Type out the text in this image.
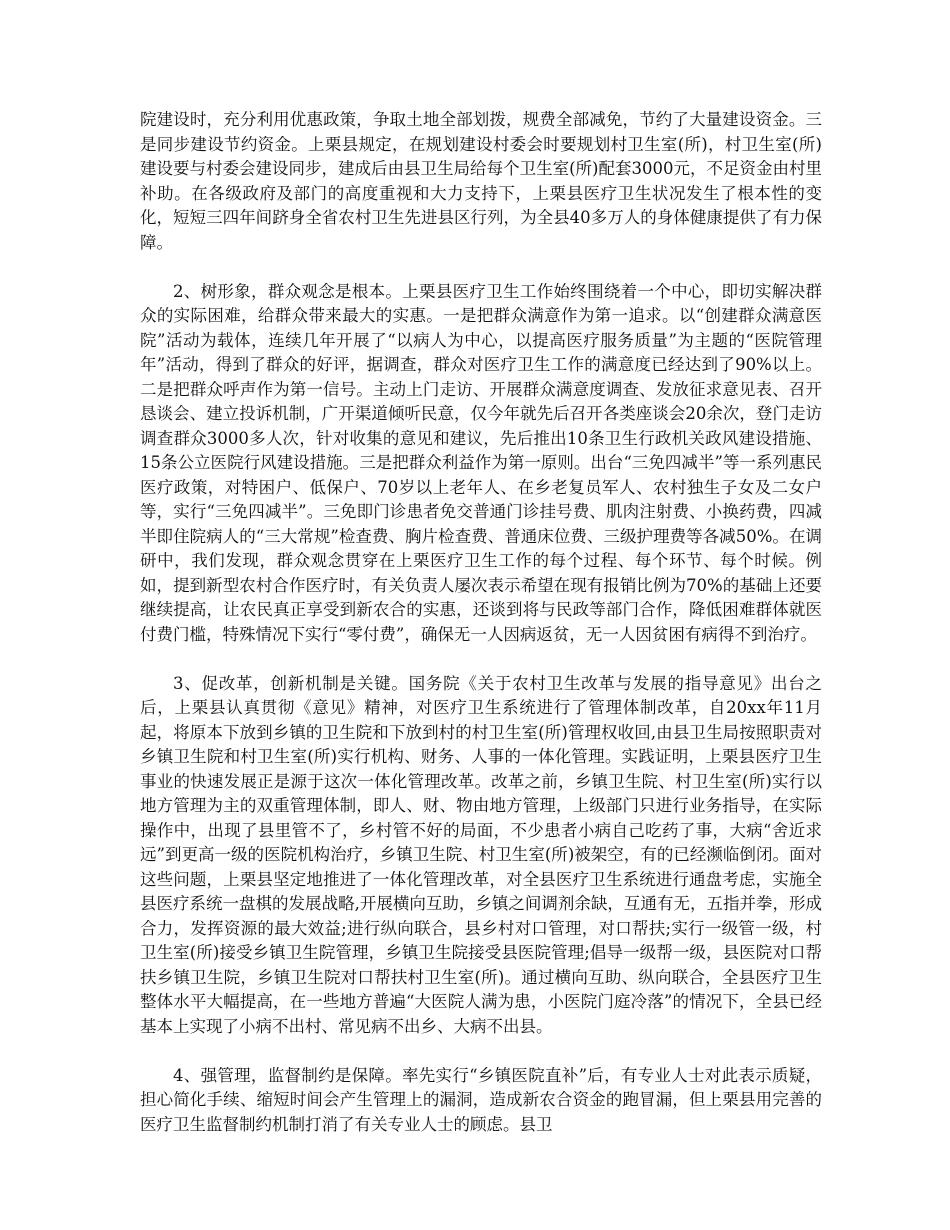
院建设时，充分利用优惠政策，争取土地全部划拨，规费全部减免，节约了大量建设资金。三是同步建设节约资金。上栗县规定，在规划建设村委会时要规划村卫生室(所)，村卫生室(所)建设要与村委会建设同步，建成后由县卫生局给每个卫生室(所)配套3000元，不足资金由村里补助。在各级政府及部门的高度重视和大力支持下，上栗县医疗卫生状况发生了根本性的变化，短短三四年间跻身全省农村卫生先进县区行列，为全县40多万人的身体健康提供了有力保障。

2、树形象，群众观念是根本。上栗县医疗卫生工作始终围绕着一个中心，即切实解决群众的实际困难，给群众带来最大的实惠。一是把群众满意作为第一追求。以“创建群众满意医院”活动为载体，连续几年开展了“以病人为中心，以提高医疗服务质量”为主题的“医院管理年”活动，得到了群众的好评，据调查，群众对医疗卫生工作的满意度已经达到了90%以上。二是把群众呼声作为第一信号。主动上门走访、开展群众满意度调查、发放征求意见表、召开恳谈会、建立投诉机制，广开渠道倾听民意，仅今年就先后召开各类座谈会20余次，登门走访调查群众3000多人次，针对收集的意见和建议，先后推出10条卫生行政机关政风建设措施、15条公立医院行风建设措施。三是把群众利益作为第一原则。出台“三免四减半”等一系列惠民医疗政策，对特困户、低保户、70岁以上老年人、在乡老复员军人、农村独生子女及二女户等，实行“三免四减半”。三免即门诊患者免交普通门诊挂号费、肌肉注射费、小换药费，四减半即住院病人的“三大常规”检查费、胸片检查费、普通床位费、三级护理费等各减50%。在调研中，我们发现，群众观念贯穿在上栗医疗卫生工作的每个过程、每个环节、每个时候。例如，提到新型农村合作医疗时，有关负责人屡次表示希望在现有报销比例为70%的基础上还要继续提高，让农民真正享受到新农合的实惠，还谈到将与民政等部门合作，降低困难群体就医付费门槛，特殊情况下实行“零付费”，确保无一人因病返贫，无一人因贫困有病得不到治疗。

3、促改革，创新机制是关键。国务院《关于农村卫生改革与发展的指导意见》出台之后，上栗县认真贯彻《意见》精神，对医疗卫生系统进行了管理体制改革，自20xx年11月起，将原本下放到乡镇的卫生院和下放到村的村卫生室(所)管理权收回,由县卫生局按照职责对乡镇卫生院和村卫生室(所)实行机构、财务、人事的一体化管理。实践证明，上栗县医疗卫生事业的快速发展正是源于这次一体化管理改革。改革之前，乡镇卫生院、村卫生室(所)实行以地方管理为主的双重管理体制，即人、财、物由地方管理，上级部门只进行业务指导，在实际操作中，出现了县里管不了，乡村管不好的局面，不少患者小病自己吃药了事，大病“舍近求远”到更高一级的医院机构治疗，乡镇卫生院、村卫生室(所)被架空，有的已经濒临倒闭。面对这些问题，上栗县坚定地推进了一体化管理改革，对全县医疗卫生系统进行通盘考虑，实施全县医疗系统一盘棋的发展战略,开展横向互助，乡镇之间调剂余缺，互通有无，五指并拳，形成合力，发挥资源的最大效益;进行纵向联合，县乡村对口管理，对口帮扶;实行一级管一级，村卫生室(所)接受乡镇卫生院管理，乡镇卫生院接受县医院管理;倡导一级帮一级，县医院对口帮扶乡镇卫生院，乡镇卫生院对口帮扶村卫生室(所)。通过横向互助、纵向联合，全县医疗卫生整体水平大幅提高，在一些地方普遍“大医院人满为患，小医院门庭冷落”的情况下，全县已经基本上实现了小病不出村、常见病不出乡、大病不出县。

4、强管理，监督制约是保障。率先实行“乡镇医院直补”后，有专业人士对此表示质疑，担心简化手续、缩短时间会产生管理上的漏洞，造成新农合资金的跑冒漏，但上栗县用完善的医疗卫生监督制约机制打消了有关专业人士的顾虑。县卫
